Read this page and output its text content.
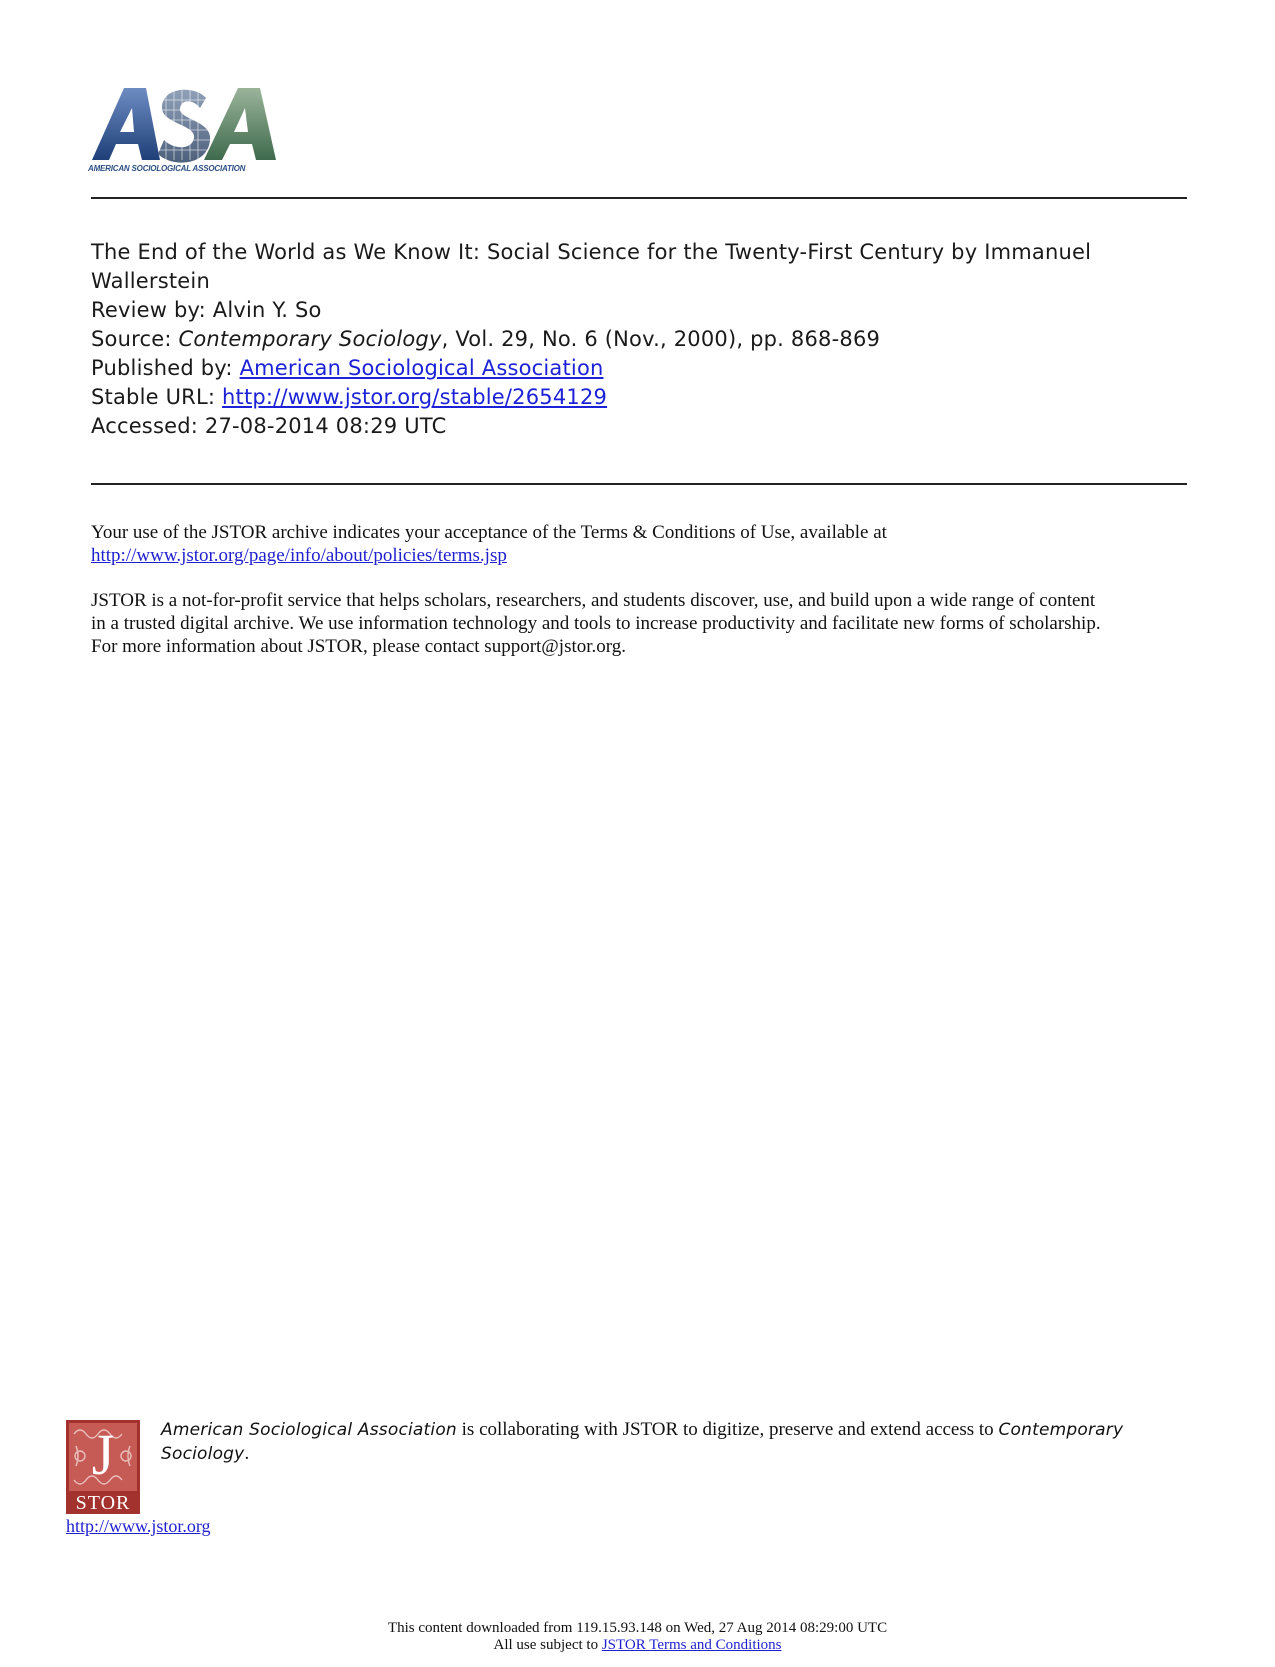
AMERICAN SOCIOLOGICAL ASSOCIATION
The End of the World as We Know It: Social Science for the Twenty-First Century by Immanuel Wallerstein
Review by: Alvin Y. So
Source: Contemporary Sociology, Vol. 29, No. 6 (Nov., 2000), pp. 868-869
Published by: American Sociological Association
Stable URL: http://www.jstor.org/stable/2654129
Accessed: 27-08-2014 08:29 UTC
Your use of the JSTOR archive indicates your acceptance of the Terms & Conditions of Use, available at
http://www.jstor.org/page/info/about/policies/terms.jsp
JSTOR is a not-for-profit service that helps scholars, researchers, and students discover, use, and build upon a wide range of content
in a trusted digital archive. We use information technology and tools to increase productivity and facilitate new forms of scholarship.
For more information about JSTOR, please contact support@jstor.org.
J
STOR
American Sociological Association is collaborating with JSTOR to digitize, preserve and extend access to Contemporary Sociology.
http://www.jstor.org
This content downloaded from 119.15.93.148 on Wed, 27 Aug 2014 08:29:00 UTC
All use subject to JSTOR Terms and Conditions
